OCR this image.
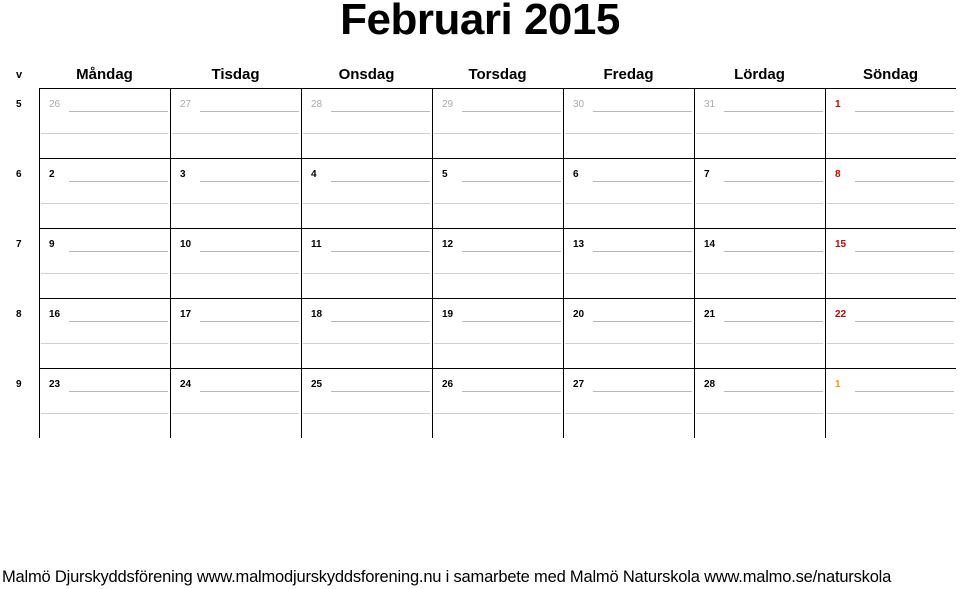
Februari 2015
v	Måndag	Tisdag	Onsdag	Torsdag	Fredag	Lördag	Söndag
5	26	27	28	29	30	31	1
6	2	3	4	5	6	7	8
7	9	10	11	12	13	14	15
8	16	17	18	19	20	21	22
9	23	24	25	26	27	28	1
Malmö Djurskyddsförening www.malmodjurskyddsforening.nu i samarbete med Malmö Naturskola www.malmo.se/naturskola
